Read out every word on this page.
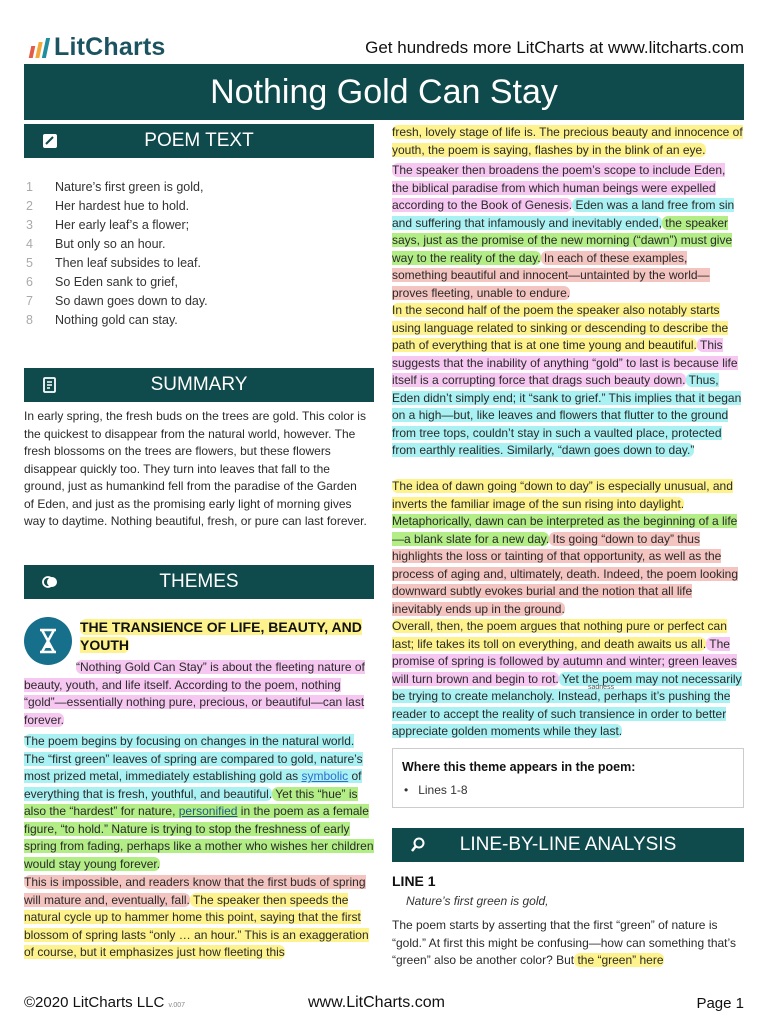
LitCharts	Get hundreds more LitCharts at www.litcharts.com
Nothing Gold Can Stay
POEM TEXT
1	Nature’s first green is gold,
2	Her hardest hue to hold.
3	Her early leaf’s a flower;
4	But only so an hour.
5	Then leaf subsides to leaf.
6	So Eden sank to grief,
7	So dawn goes down to day.
8	Nothing gold can stay.
SUMMARY
In early spring, the fresh buds on the trees are gold. This color is the quickest to disappear from the natural world, however. The fresh blossoms on the trees are flowers, but these flowers disappear quickly too. They turn into leaves that fall to the ground, just as humankind fell from the paradise of the Garden of Eden, and just as the promising early light of morning gives way to daytime. Nothing beautiful, fresh, or pure can last forever.
THEMES
THE TRANSIENCE OF LIFE, BEAUTY, AND YOUTH
“Nothing Gold Can Stay” is about the fleeting nature of beauty, youth, and life itself. According to the poem, nothing “gold”—essentially nothing pure, precious, or beautiful—can last forever.
The poem begins by focusing on changes in the natural world. The “first green” leaves of spring are compared to gold, nature’s most prized metal, immediately establishing gold as symbolic of everything that is fresh, youthful, and beautiful. Yet this “hue” is also the “hardest” for nature, personified in the poem as a female figure, “to hold.” Nature is trying to stop the freshness of early spring from fading, perhaps like a mother who wishes her children would stay young forever.
This is impossible, and readers know that the first buds of spring will mature and, eventually, fall. The speaker then speeds the natural cycle up to hammer home this point, saying that the first blossom of spring lasts “only … an hour.” This is an exaggeration of course, but it emphasizes just how fleeting this
fresh, lovely stage of life is. The precious beauty and innocence of youth, the poem is saying, flashes by in the blink of an eye.
The speaker then broadens the poem’s scope to include Eden, the biblical paradise from which human beings were expelled according to the Book of Genesis. Eden was a land free from sin and suffering that infamously and inevitably ended, the speaker says, just as the promise of the new morning (“dawn”) must give way to the reality of the day. In each of these examples, something beautiful and innocent—untainted by the world—proves fleeting, unable to endure.
In the second half of the poem the speaker also notably starts using language related to sinking or descending to describe the path of everything that is at one time young and beautiful. This suggests that the inability of anything “gold” to last is because life itself is a corrupting force that drags such beauty down. Thus, Eden didn’t simply end; it “sank to grief.” This implies that it began on a high—but, like leaves and flowers that flutter to the ground from tree tops, couldn’t stay in such a vaulted place, protected from earthly realities. Similarly, “dawn goes down to day.”
The idea of dawn going “down to day” is especially unusual, and inverts the familiar image of the sun rising into daylight. Metaphorically, dawn can be interpreted as the beginning of a life—a blank slate for a new day. Its going “down to day” thus highlights the loss or tainting of that opportunity, as well as the process of aging and, ultimately, death. Indeed, the poem looking downward subtly evokes burial and the notion that all life inevitably ends up in the ground.
Overall, then, the poem argues that nothing pure or perfect can last; life takes its toll on everything, and death awaits us all. The promise of spring is followed by autumn and winter; green leaves will turn brown and begin to rot. Yet the poem may not necessarily be trying to create melancholy. Instead, perhaps it’s pushing the reader to accept the reality of such transience in order to better appreciate golden moments while they last.
sadness
Where this theme appears in the poem:
•   Lines 1-8
LINE-BY-LINE ANALYSIS
LINE 1
Nature’s first green is gold,
The poem starts by asserting that the first “green” of nature is “gold.” At first this might be confusing—how can something that’s “green” also be another color? But the “green” here
©2020 LitCharts LLC v.007	www.LitCharts.com	Page 1
